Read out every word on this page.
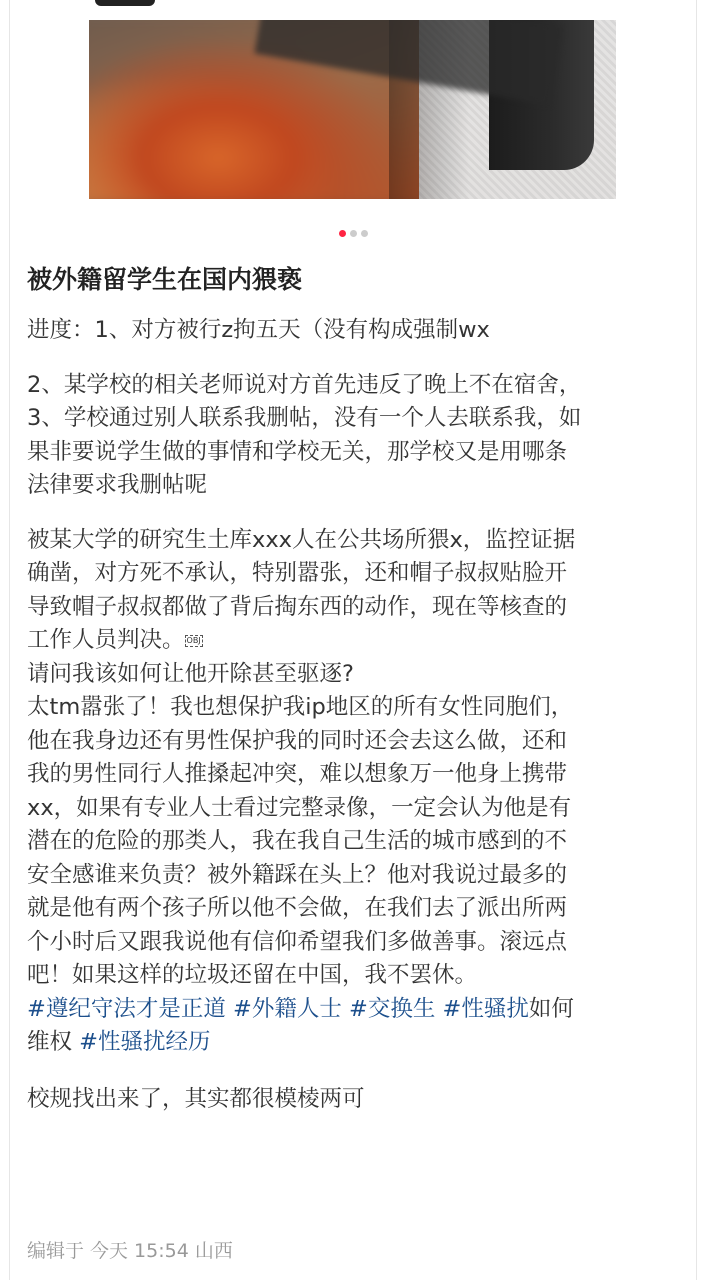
被外籍留学生在国内猥亵

进度：1、对方被行z拘五天（没有构成强制wx

2、某学校的相关老师说对方首先违反了晚上不在宿舍，

3、学校通过别人联系我删帖，没有一个人去联系我，如

果非要说学生做的事情和学校无关，那学校又是用哪条

法律要求我删帖呢

被某大学的研究生土库xxx人在公共场所猥x，监控证据

确凿，对方死不承认，特别嚣张，还和帽子叔叔贴脸开

导致帽子叔叔都做了背后掏东西的动作，现在等核查的

工作人员判决。 OBJ

请问我该如何让他开除甚至驱逐?

太tm嚣张了！我也想保护我ip地区的所有女性同胞们，

他在我身边还有男性保护我的同时还会去这么做，还和

我的男性同行人推搡起冲突，难以想象万一他身上携带

xx，如果有专业人士看过完整录像，一定会认为他是有

潜在的危险的那类人，我在我自己生活的城市感到的不

安全感谁来负责？被外籍踩在头上？他对我说过最多的

就是他有两个孩子所以他不会做，在我们去了派出所两

个小时后又跟我说他有信仰希望我们多做善事。滚远点

吧！如果这样的垃圾还留在中国，我不罢休。

#遵纪守法才是正道 #外籍人士 #交换生 #性骚扰如何

维权 #性骚扰经历

校规找出来了，其实都很模棱两可

编辑于 今天 15:54 山西
